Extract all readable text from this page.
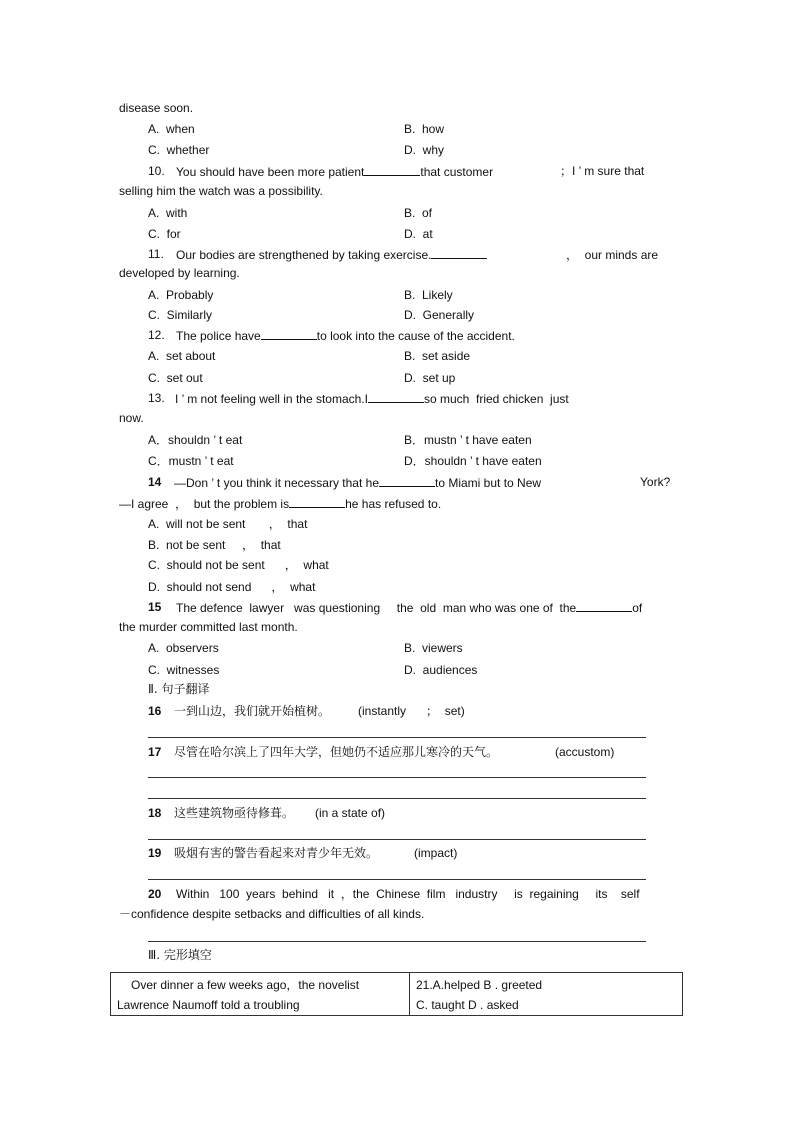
disease soon.
A.  when	B.  how
C.  whether	D.  why
10. You should have been more patient	that customer	；I ’ m sure that
selling him the watch was a possibility.
A.  with	B.  of
C.  for	D.  at
11. Our bodies are strengthened by taking exercise.	，  our minds are
developed by learning.
A.  Probably	B.  Likely
C.  Similarly	D.  Generally
12. The police have	to look into the cause of the accident.
A.  set about	B.  set aside
C.  set out	D.  set up
13. I ’ m not feeling well in the stomach.I	so much  fried chicken  just
now.
A．shouldn ’ t eat	B．mustn ’ t have eaten
C．mustn ’ t eat	D．shouldn ’ t have eaten
14 —Don ’ t you think it necessary that he	to Miami but to New	York?
—I agree  ，  but the problem is	he has refused to.
A.  will not be sent       ，  that
B.  not be sent     ，  that
C.  should not be sent      ，  what
D.  should not send      ，  what
15 The defence  lawyer   was questioning     the  old  man who was one of  the	of
the murder committed last month.
A.  observers	B.  viewers
C.  witnesses	D.  audiences
Ⅱ. 句子翻译
16 一到山边，我们就开始植树。 (instantly      ；  set)
17 尽管在哈尔滨上了四年大学，但她仍不适应那儿寒冷的天气。	(accustom)
18 这些建筑物亟待修葺。 (in a state of)
19 吸烟有害的警告看起来对青少年无效。	(impact)
20 Within   100  years  behind   it  ，the  Chinese  film   industry     is  regaining     its    self
－confidence despite setbacks and difficulties of all kinds.
Ⅲ. 完形填空
Over dinner a few weeks ago，the novelist
Lawrence Naumoff told a troubling

21.A.helped B . greeted
C. taught D . asked
